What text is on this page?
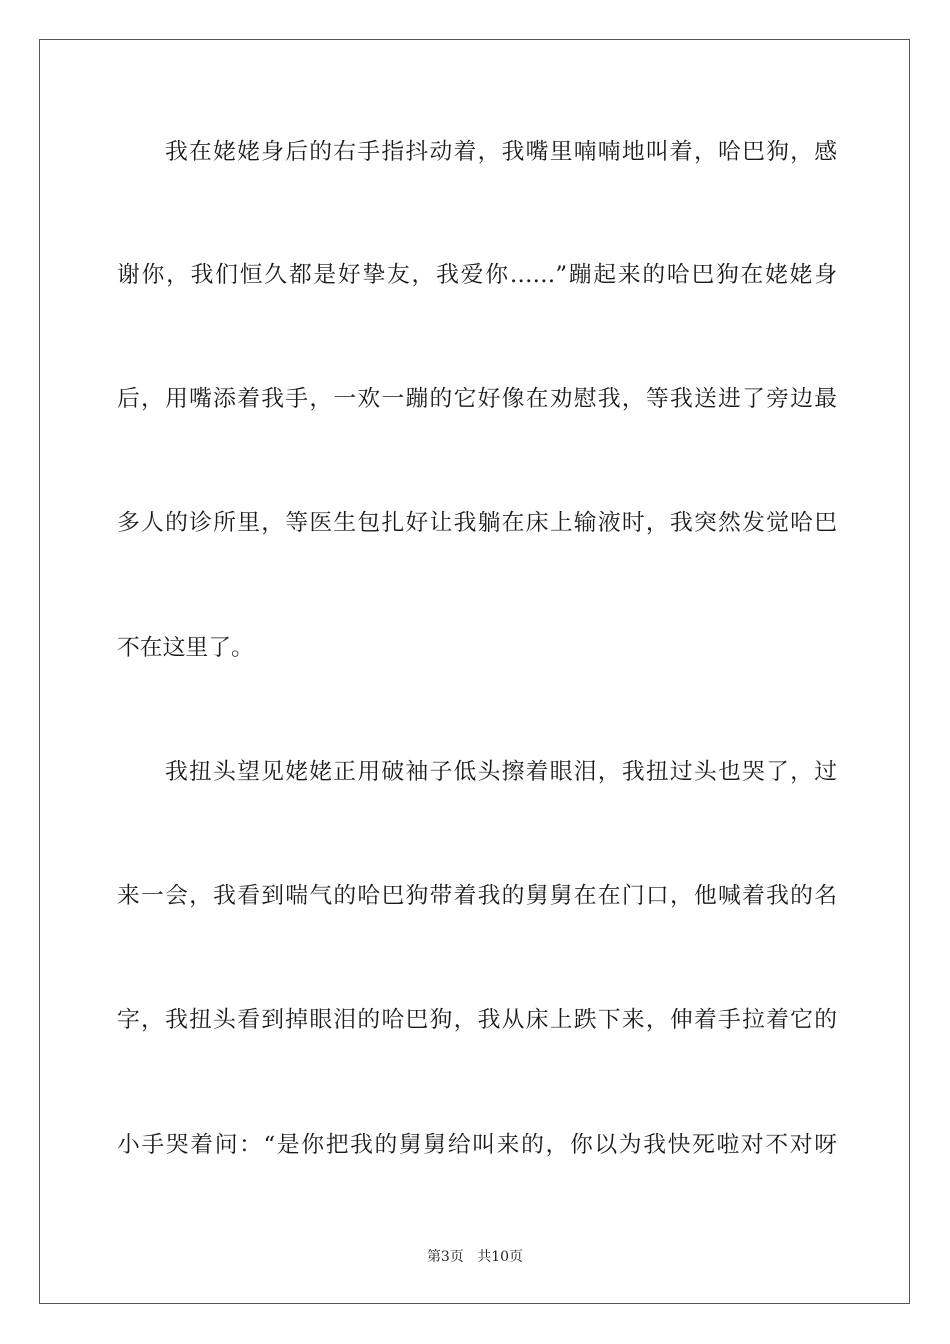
我在姥姥身后的右手指抖动着，我嘴里喃喃地叫着，哈巴狗，感
谢你，我们恒久都是好挚友，我爱你……”蹦起来的哈巴狗在姥姥身
后，用嘴添着我手，一欢一蹦的它好像在劝慰我，等我送进了旁边最
多人的诊所里，等医生包扎好让我躺在床上输液时，我突然发觉哈巴
不在这里了。
我扭头望见姥姥正用破袖子低头擦着眼泪，我扭过头也哭了，过
来一会，我看到喘气的哈巴狗带着我的舅舅在在门口，他喊着我的名
字，我扭头看到掉眼泪的哈巴狗，我从床上跌下来，伸着手拉着它的
小手哭着问：“是你把我的舅舅给叫来的，你以为我快死啦对不对呀
第3页 共10页
